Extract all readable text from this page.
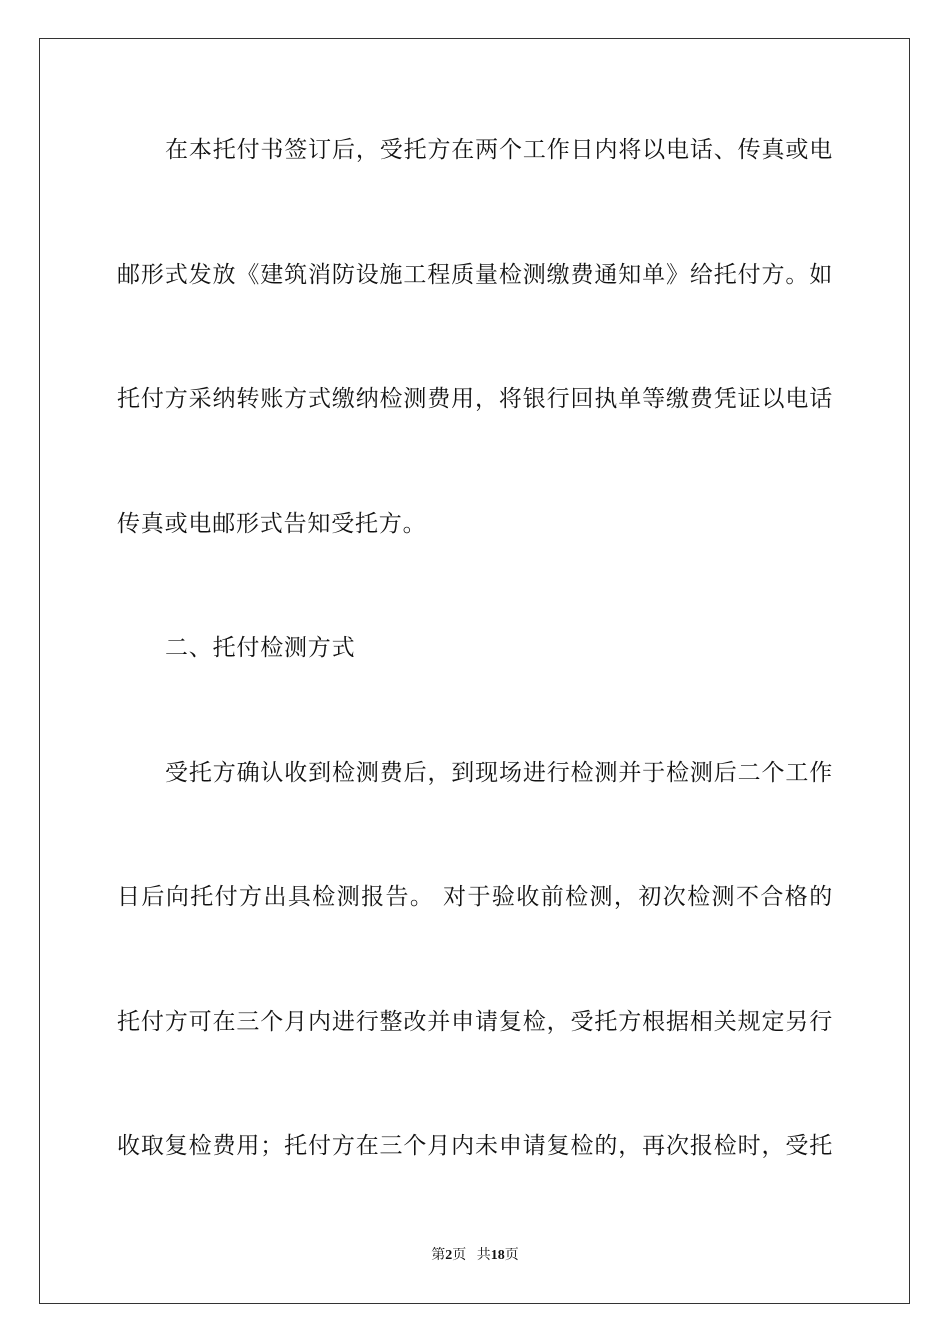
在本托付书签订后，受托方在两个工作日内将以电话、传真或电
邮形式发放《建筑消防设施工程质量检测缴费通知单》给托付方。如
托付方采纳转账方式缴纳检测费用，将银行回执单等缴费凭证以电话
传真或电邮形式告知受托方。
二、托付检测方式
受托方确认收到检测费后，到现场进行检测并于检测后二个工作
日后向托付方出具检测报告。 对于验收前检测，初次检测不合格的
托付方可在三个月内进行整改并申请复检，受托方根据相关规定另行
收取复检费用；托付方在三个月内未申请复检的，再次报检时，受托
第2页 共18页
